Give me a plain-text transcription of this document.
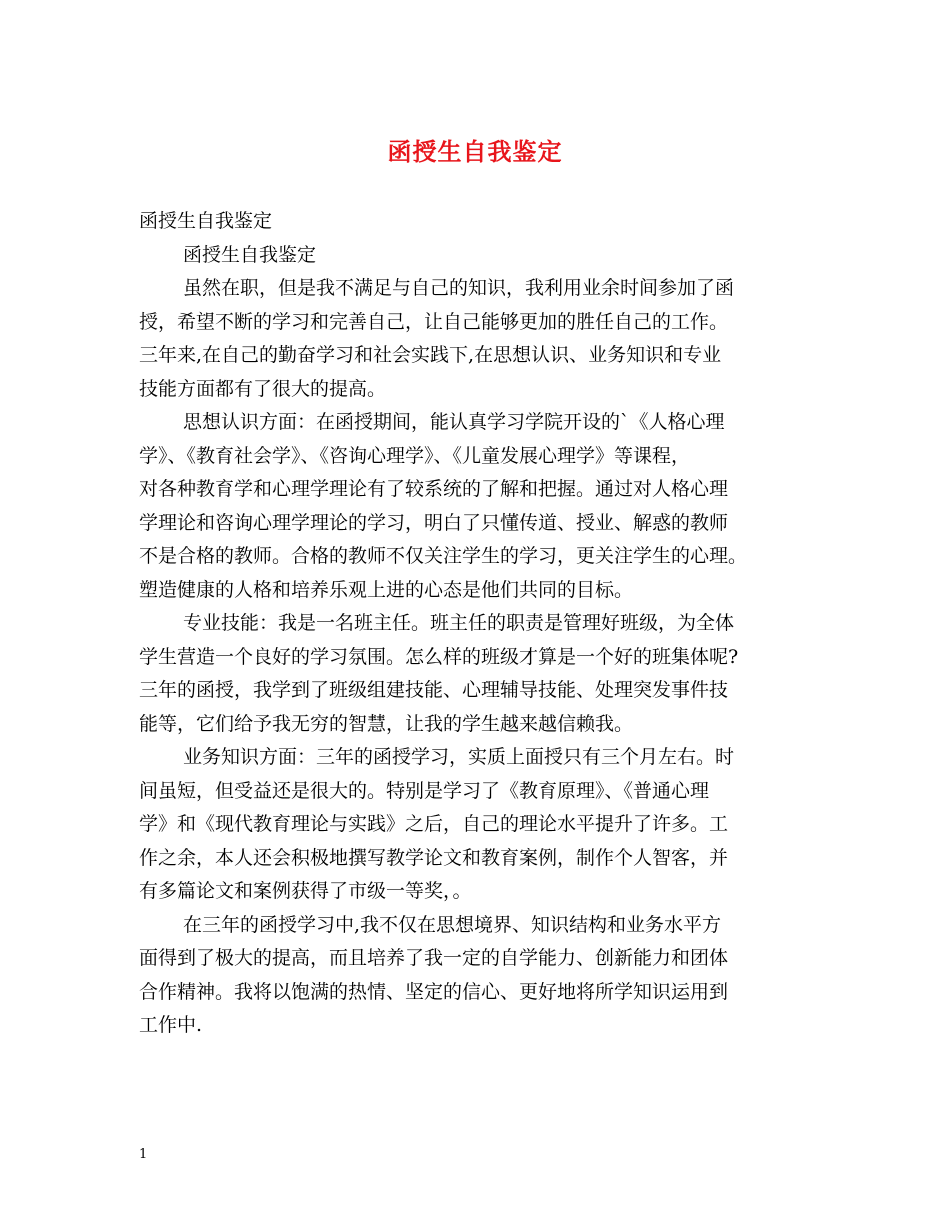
函授生自我鉴定
函授生自我鉴定
函授生自我鉴定
虽然在职，但是我不满足与自己的知识，我利用业余时间参加了函
授，希望不断的学习和完善自己，让自己能够更加的胜任自己的工作。
三年来,在自己的勤奋学习和社会实践下,在思想认识、业务知识和专业
技能方面都有了很大的提高。
思想认识方面：在函授期间，能认真学习学院开设的`《人格心理
学》、《教育社会学》、《咨询心理学》、《儿童发展心理学》等课程，
对各种教育学和心理学理论有了较系统的了解和把握。通过对人格心理
学理论和咨询心理学理论的学习，明白了只懂传道、授业、解惑的教师
不是合格的教师。合格的教师不仅关注学生的学习，更关注学生的心理。
塑造健康的人格和培养乐观上进的心态是他们共同的目标。
专业技能：我是一名班主任。班主任的职责是管理好班级，为全体
学生营造一个良好的学习氛围。怎么样的班级才算是一个好的班集体呢?
三年的函授，我学到了班级组建技能、心理辅导技能、处理突发事件技
能等，它们给予我无穷的智慧，让我的学生越来越信赖我。
业务知识方面：三年的函授学习，实质上面授只有三个月左右。时
间虽短，但受益还是很大的。特别是学习了《教育原理》、《普通心理
学》和《现代教育理论与实践》之后，自己的理论水平提升了许多。工
作之余，本人还会积极地撰写教学论文和教育案例，制作个人智客，并
有多篇论文和案例获得了市级一等奖，。
在三年的函授学习中,我不仅在思想境界、知识结构和业务水平方
面得到了极大的提高，而且培养了我一定的自学能力、创新能力和团体
合作精神。我将以饱满的热情、坚定的信心、更好地将所学知识运用到
工作中.
1
